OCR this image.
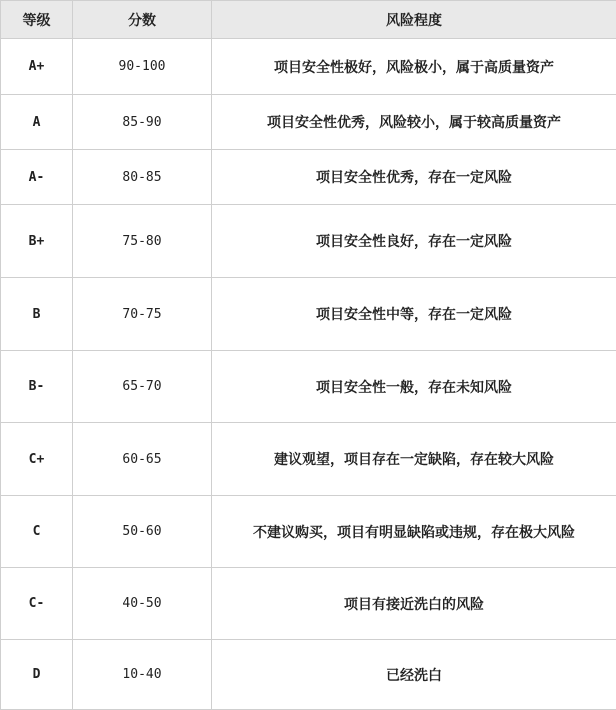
等级	分数	风险程度
A+	90-100	项目安全性极好，风险极小，属于高质量资产
A	85-90	项目安全性优秀，风险较小，属于较高质量资产
A-	80-85	项目安全性优秀，存在一定风险
B+	75-80	项目安全性良好，存在一定风险
B	70-75	项目安全性中等，存在一定风险
B-	65-70	项目安全性一般，存在未知风险
C+	60-65	建议观望，项目存在一定缺陷，存在较大风险
C	50-60	不建议购买，项目有明显缺陷或违规，存在极大风险
C-	40-50	项目有接近洗白的风险
D	10-40	已经洗白
